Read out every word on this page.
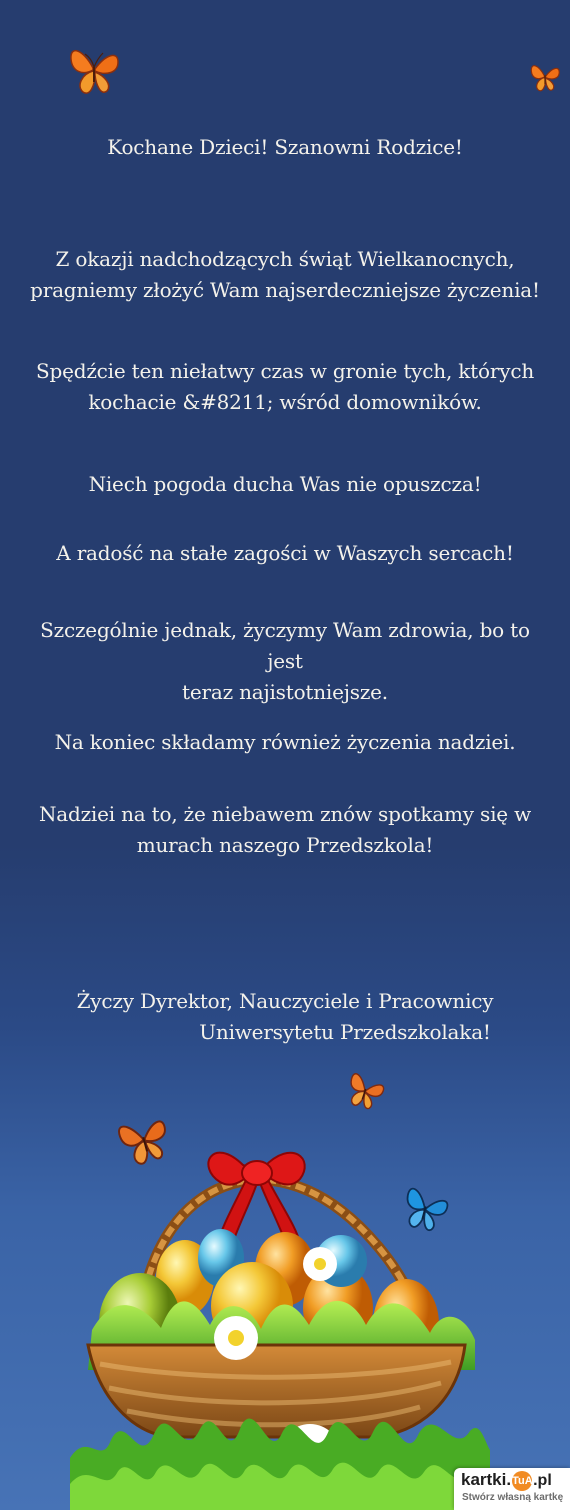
Kochane Dzieci! Szanowni Rodzice!
Z okazji nadchodzących świąt Wielkanocnych,
pragniemy złożyć Wam najserdeczniejsze życzenia!
Spędźcie ten niełatwy czas w gronie tych, których
kochacie &#8211; wśród domowników.
Niech pogoda ducha Was nie opuszcza!
A radość na stałe zagości w Waszych sercach!
Szczególnie jednak, życzymy Wam zdrowia, bo to jest
teraz najistotniejsze.
Na koniec składamy również życzenia nadziei.
Nadziei na to, że niebawem znów spotkamy się w
murach naszego Przedszkola!
Życzy Dyrektor, Nauczyciele i Pracownicy

Uniwersytetu Przedszkolaka!
kartki.TuA.pl
Stwórz własną kartkę
